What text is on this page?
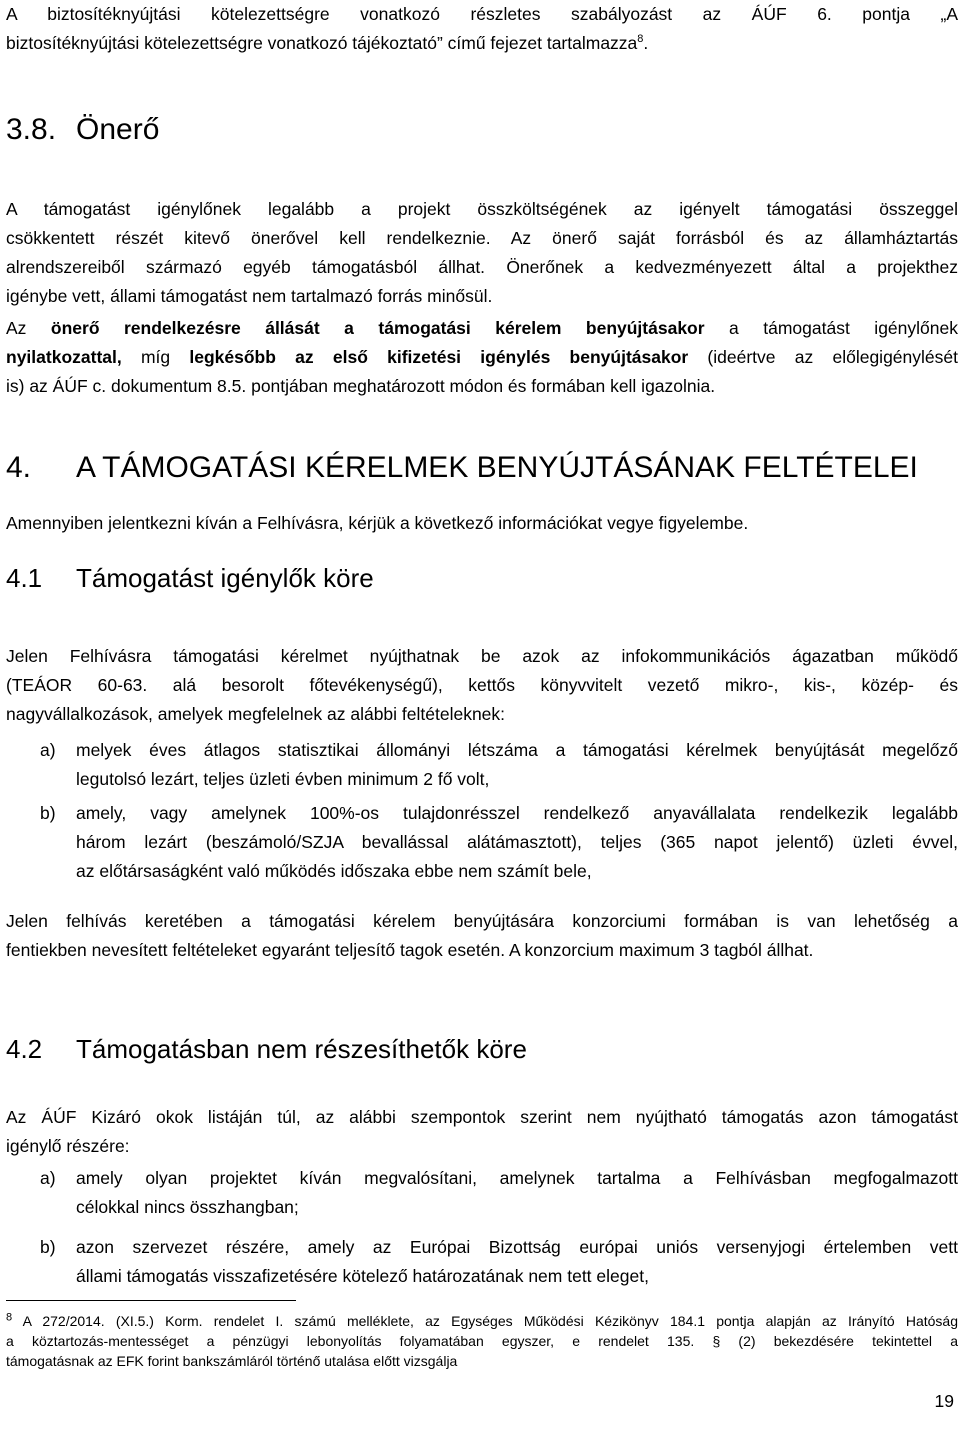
A biztosítéknyújtási kötelezettségre vonatkozó részletes szabályozást az ÁÚF 6. pontja „A
biztosítéknyújtási kötelezettségre vonatkozó tájékoztató” című fejezet tartalmazza$^8$.
3.8. Önerő
A támogatást igénylőnek legalább a projekt összköltségének az igényelt támogatási összeggel
csökkentett részét kitevő önerővel kell rendelkeznie. Az önerő saját forrásból és az államháztartás
alrendszereiből származó egyéb támogatásból állhat. Önerőnek a kedvezményezett által a projekthez
igénybe vett, állami támogatást nem tartalmazó forrás minősül.
Az önerő rendelkezésre állását a támogatási kérelem benyújtásakor a támogatást igénylőnek
nyilatkozattal, míg legkésőbb az első kifizetési igénylés benyújtásakor (ideértve az előlegigénylését
is) az ÁÚF c. dokumentum 8.5. pontjában meghatározott módon és formában kell igazolnia.
4. A TÁMOGATÁSI KÉRELMEK BENYÚJTÁSÁNAK FELTÉTELEI
Amennyiben jelentkezni kíván a Felhívásra, kérjük a következő információkat vegye figyelembe.
4.1 Támogatást igénylők köre
Jelen Felhívásra támogatási kérelmet nyújthatnak be azok az infokommunikációs ágazatban működő
(TEÁOR 60-63. alá besorolt főtevékenységű), kettős könyvvitelt vezető mikro-, kis-, közép- és
nagyvállalkozások, amelyek megfelelnek az alábbi feltételeknek:
a) melyek éves átlagos statisztikai állományi létszáma a támogatási kérelmek benyújtását megelőző
legutolsó lezárt, teljes üzleti évben minimum 2 fő volt,
b) amely, vagy amelynek 100%-os tulajdonrésszel rendelkező anyavállalata rendelkezik legalább
három lezárt (beszámoló/SZJA bevallással alátámasztott), teljes (365 napot jelentő) üzleti évvel,
az előtársaságként való működés időszaka ebbe nem számít bele,
Jelen felhívás keretében a támogatási kérelem benyújtására konzorciumi formában is van lehetőség a
fentiekben nevesített feltételeket egyaránt teljesítő tagok esetén. A konzorcium maximum 3 tagból állhat.
4.2 Támogatásban nem részesíthetők köre
Az ÁÚF Kizáró okok listáján túl, az alábbi szempontok szerint nem nyújtható támogatás azon támogatást
igénylő részére:
a) amely olyan projektet kíván megvalósítani, amelynek tartalma a Felhívásban megfogalmazott
célokkal nincs összhangban;
b) azon szervezet részére, amely az Európai Bizottság európai uniós versenyjogi értelemben vett
állami támogatás visszafizetésére kötelező határozatának nem tett eleget,
$^8$ A 272/2014. (XI.5.) Korm. rendelet I. számú melléklete, az Egységes Működési Kézikönyv 184.1 pontja alapján az Irányító Hatóság
a köztartozás-mentességet a pénzügyi lebonyolítás folyamatában egyszer, e rendelet 135. § (2) bekezdésére tekintettel a
támogatásnak az EFK forint bankszámláról történő utalása előtt vizsgálja
19
